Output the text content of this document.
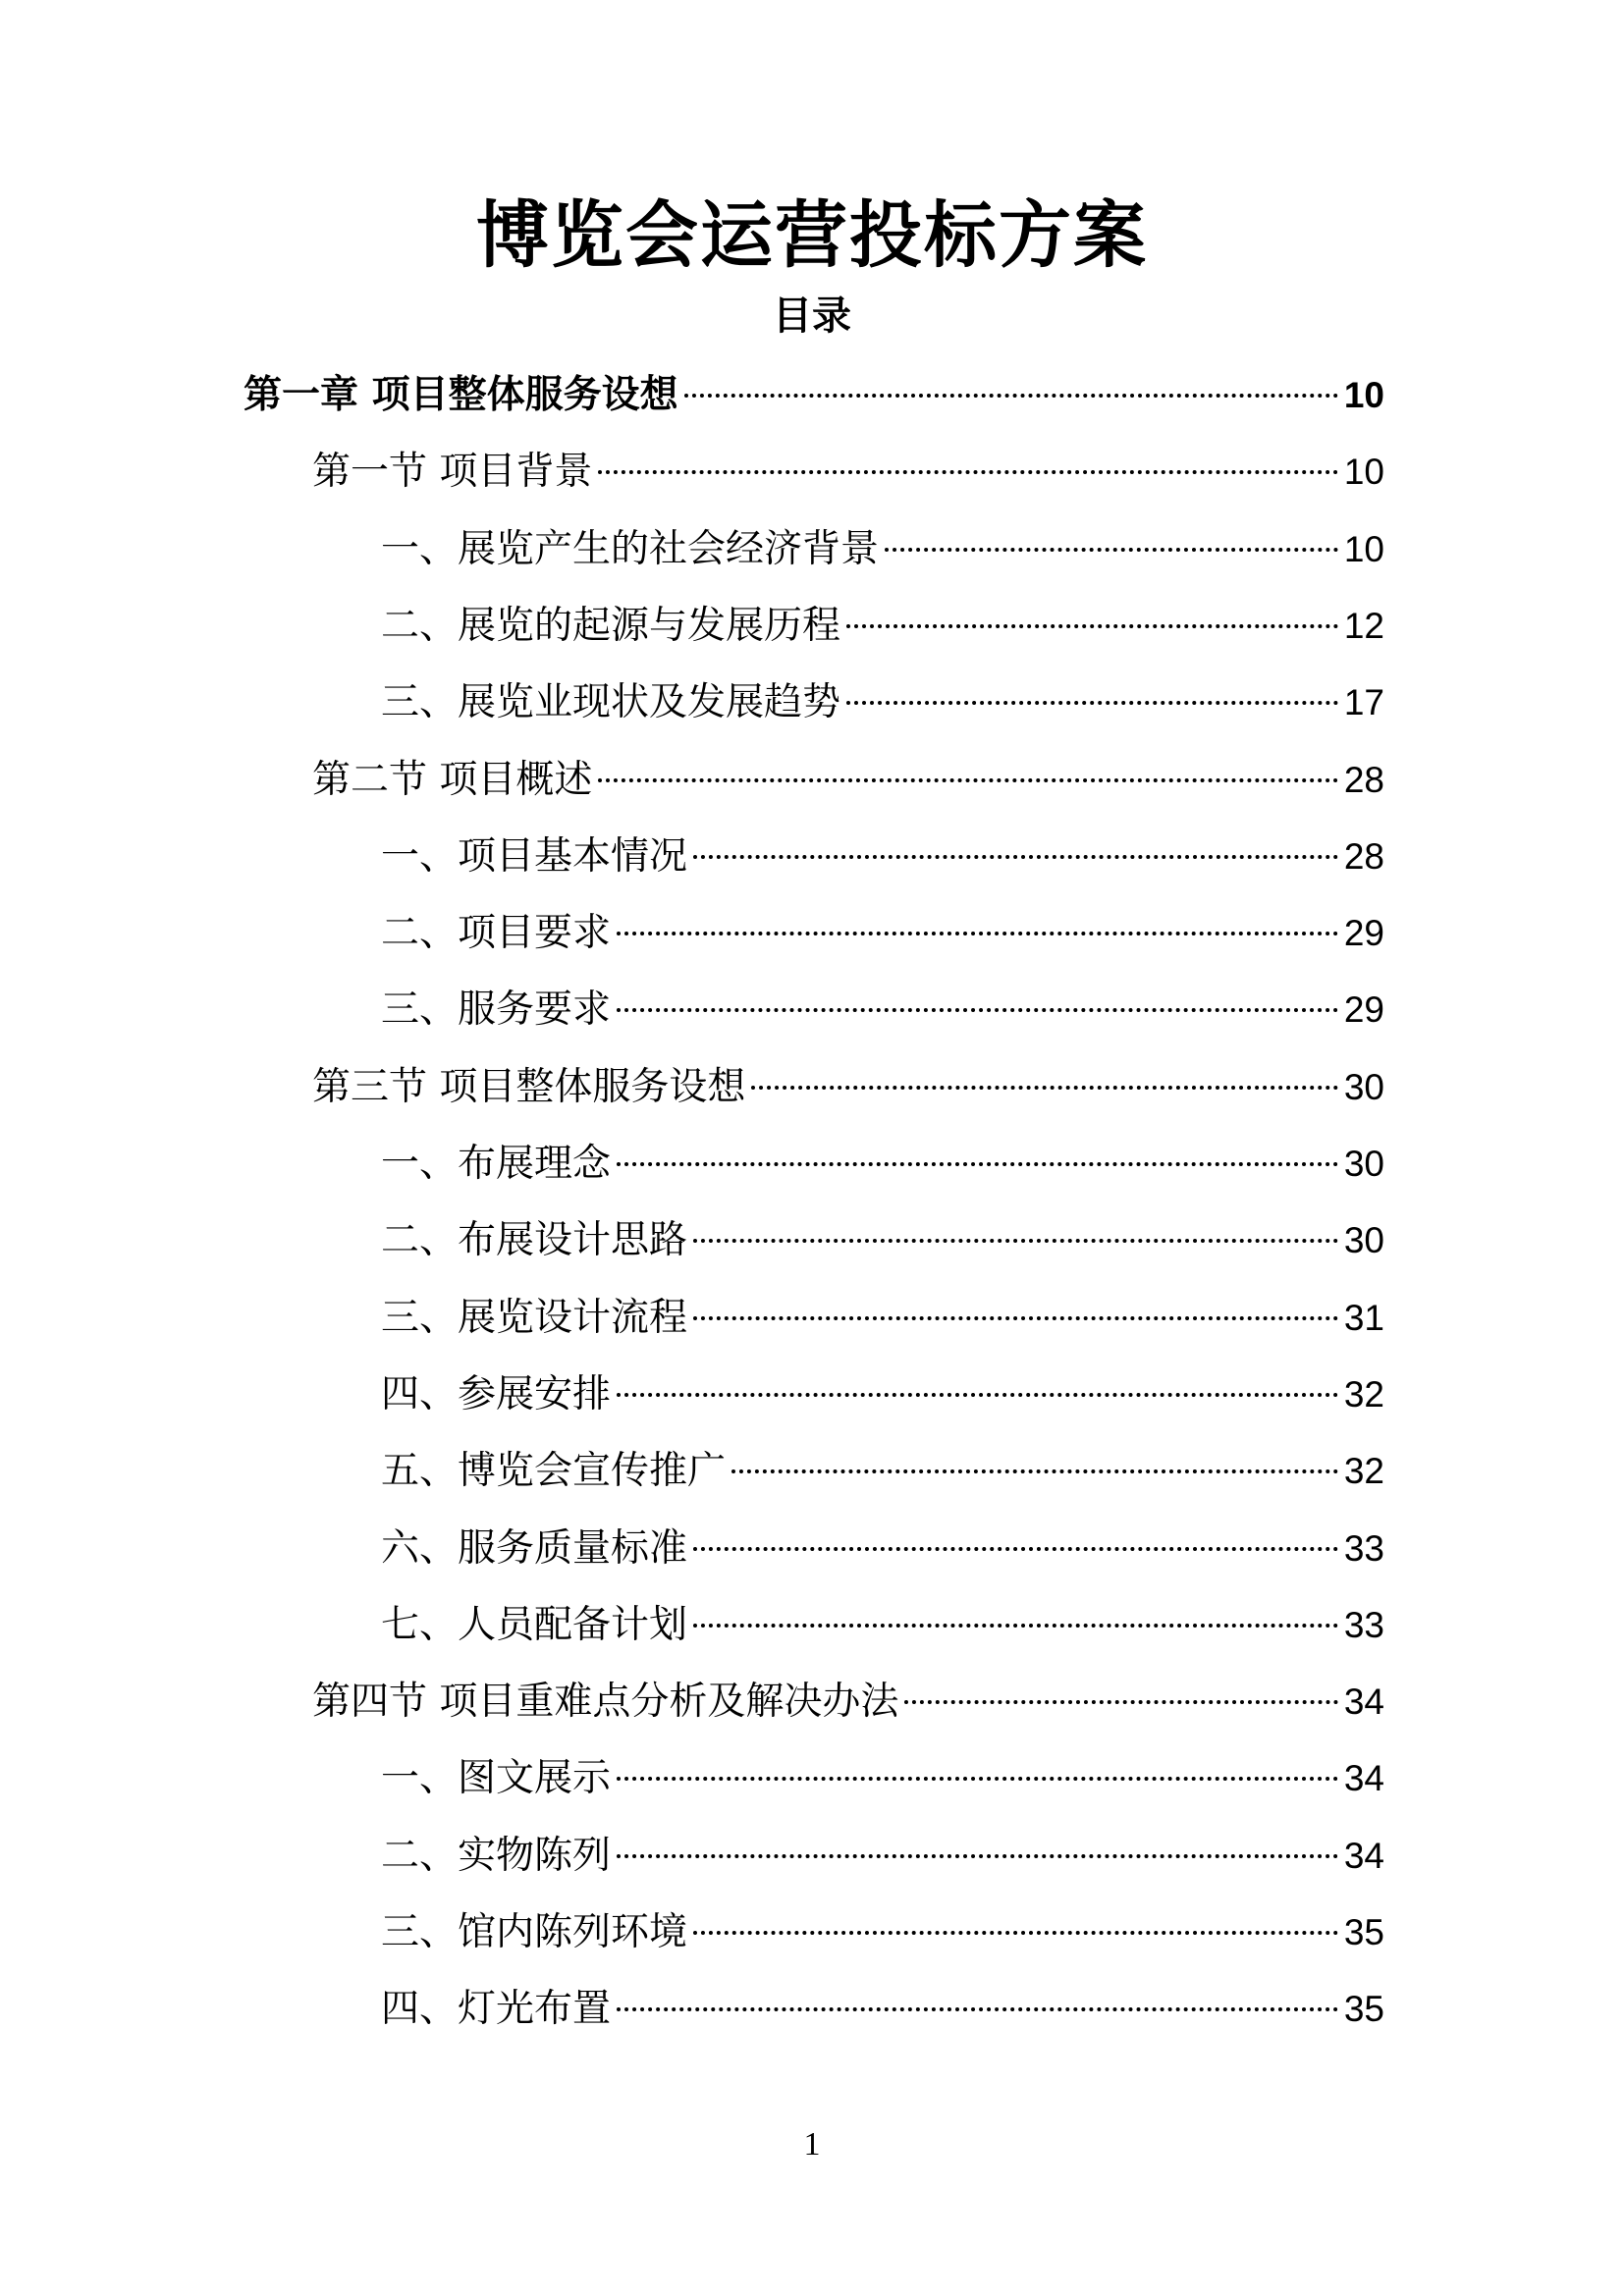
博览会运营投标方案
目录
第一章 项目整体服务设想	10
第一节 项目背景	10
一、展览产生的社会经济背景	10
二、展览的起源与发展历程	12
三、展览业现状及发展趋势	17
第二节 项目概述	28
一、项目基本情况	28
二、项目要求	29
三、服务要求	29
第三节 项目整体服务设想	30
一、布展理念	30
二、布展设计思路	30
三、展览设计流程	31
四、参展安排	32
五、博览会宣传推广	32
六、服务质量标准	33
七、人员配备计划	33
第四节 项目重难点分析及解决办法	34
一、图文展示	34
二、实物陈列	34
三、馆内陈列环境	35
四、灯光布置	35
1
